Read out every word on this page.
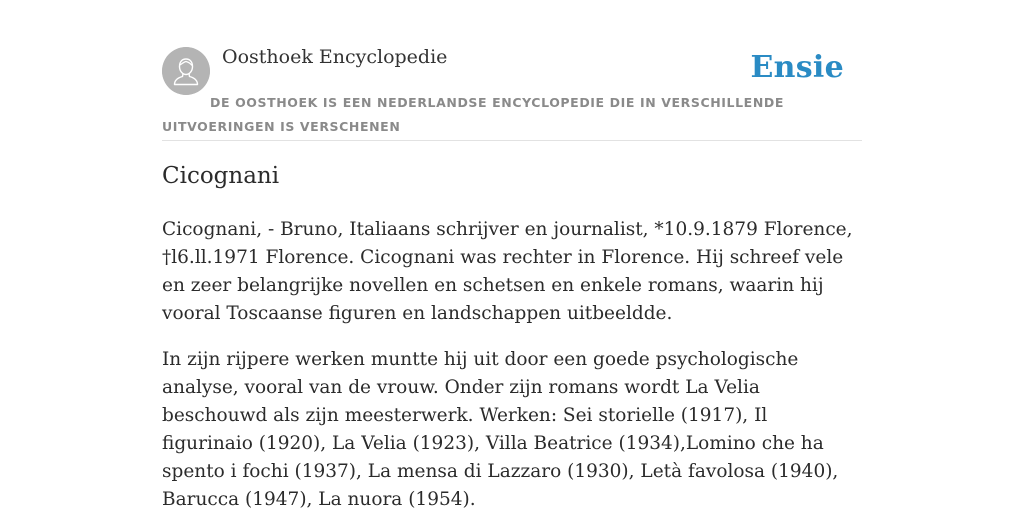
Oosthoek Encyclopedie	Ensie
DE OOSTHOEK IS EEN NEDERLANDSE ENCYCLOPEDIE DIE IN VERSCHILLENDE UITVOERINGEN IS VERSCHENEN
Cicognani

Cicognani, - Bruno, Italiaans schrijver en journalist, *10.9.1879 Florence, †l6.ll.1971 Florence. Cicognani was rechter in Florence. Hij schreef vele en zeer belangrijke novellen en schetsen en enkele romans, waarin hij vooral Toscaanse figuren en landschappen uitbeeldde.

In zijn rijpere werken muntte hij uit door een goede psychologische analyse, vooral van de vrouw. Onder zijn romans wordt La Velia beschouwd als zijn meesterwerk. Werken: Sei storielle (1917), Il figurinaio (1920), La Velia (1923), Villa Beatrice (1934),Lomino che ha spento i fochi (1937), La mensa di Lazzaro (1930), Letà favolosa (1940), Barucca (1947), La nuora (1954).
